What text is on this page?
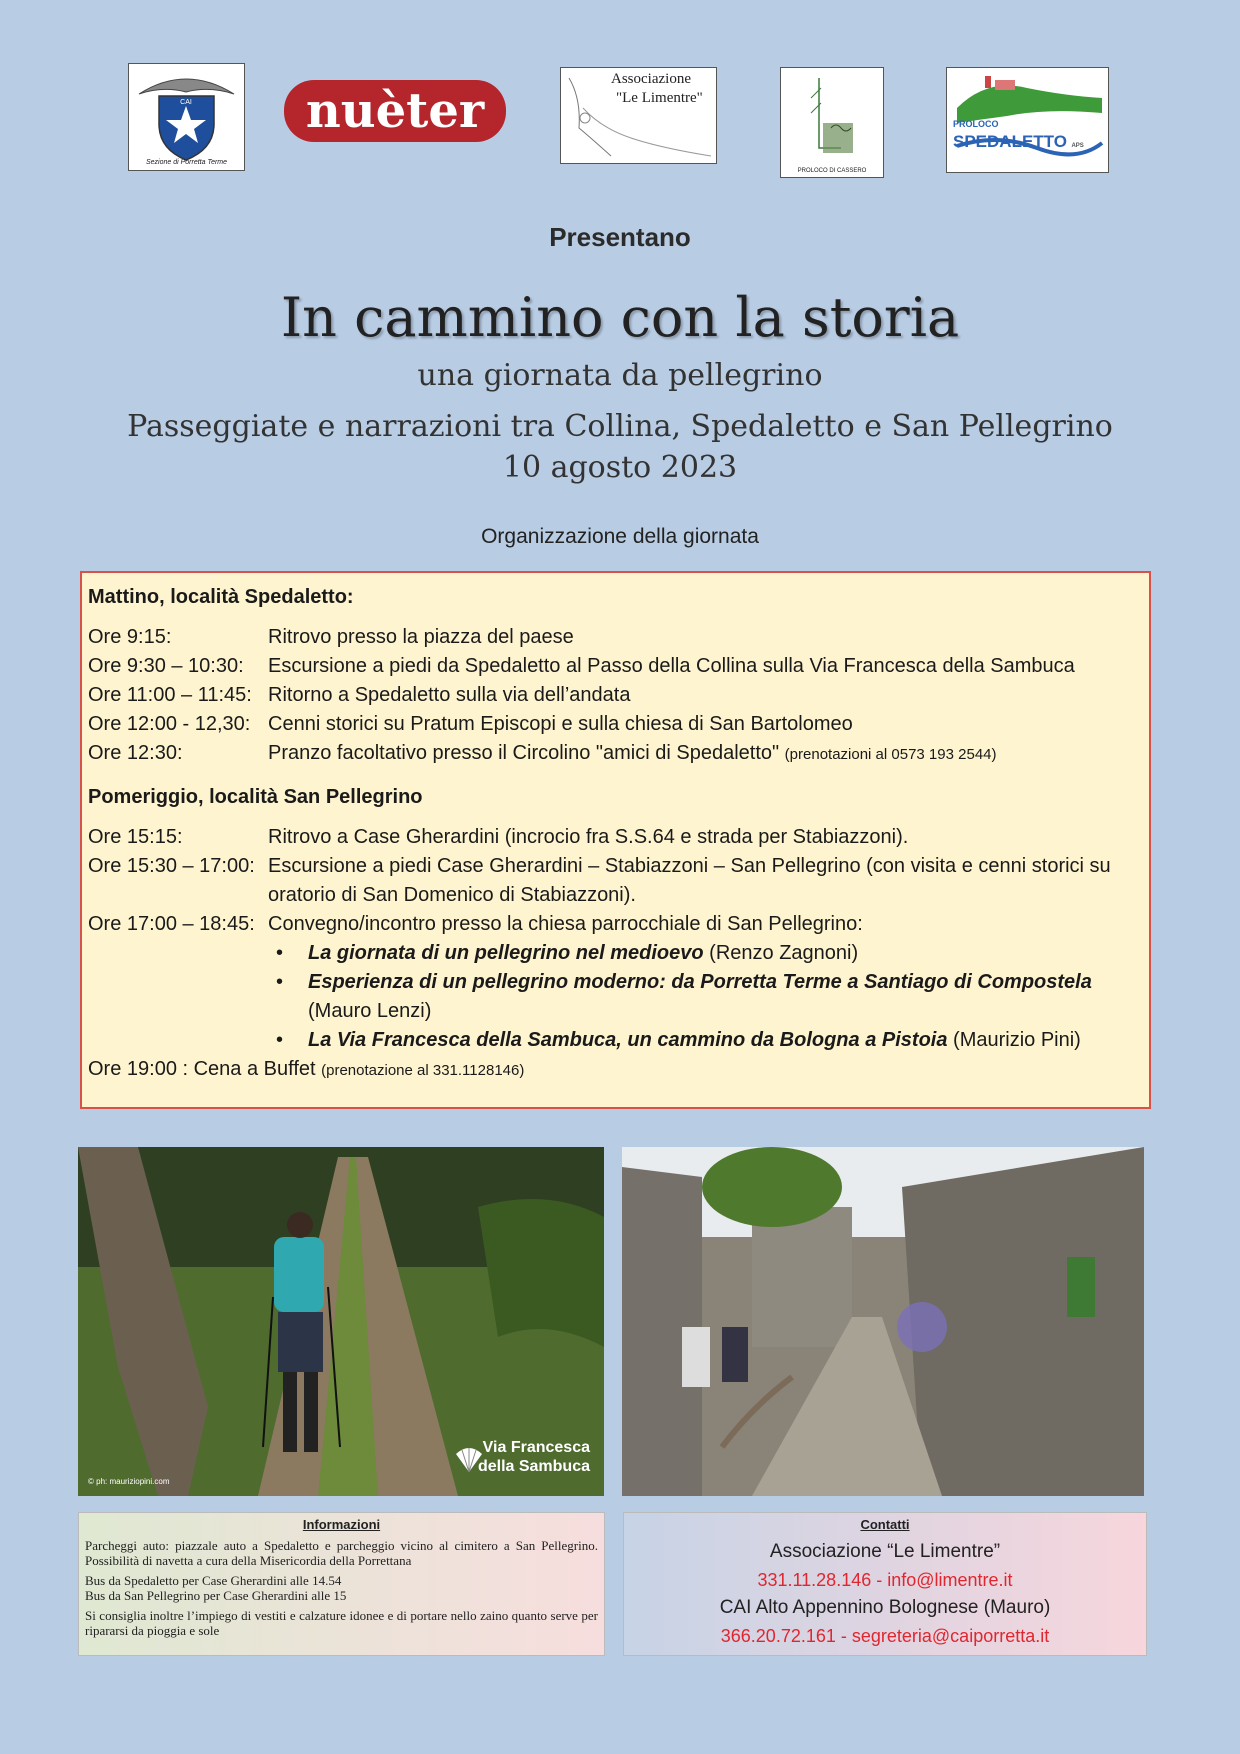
CAI
Sezione di Porretta Terme
nuèter
Associazione
"Le Limentre"
PROLOCO DI CASSERO
PROLOCO SPEDALETTO APS
Presentano
In cammino con la storia
una giornata da pellegrino
Passeggiate e narrazioni tra Collina, Spedaletto e San Pellegrino
10 agosto 2023
Organizzazione della giornata
Mattino, località Spedaletto:
Ore 9:15:	Ritrovo presso la piazza del paese
Ore 9:30 – 10:30:	Escursione a piedi da Spedaletto al Passo della Collina sulla Via Francesca della Sambuca
Ore 11:00 – 11:45: Ritorno a Spedaletto sulla via dell’andata
Ore 12:00 - 12,30: Cenni storici su Pratum Episcopi e sulla chiesa di San Bartolomeo
Ore 12:30:	Pranzo facoltativo presso il Circolino "amici di Spedaletto" (prenotazioni al 0573 193 2544)
Pomeriggio, località San Pellegrino
Ore 15:15:	Ritrovo a Case Gherardini (incrocio fra S.S.64 e strada per Stabiazzoni).
Ore 15:30 – 17:00: Escursione a piedi Case Gherardini – Stabiazzoni – San Pellegrino (con visita e cenni storici su oratorio di San Domenico di Stabiazzoni).
Ore 17:00 – 18:45: Convegno/incontro presso la chiesa parrocchiale di San Pellegrino:
• La giornata di un pellegrino nel medioevo (Renzo Zagnoni)
• Esperienza di un pellegrino moderno: da Porretta Terme a Santiago di Compostela (Mauro Lenzi)
• La Via Francesca della Sambuca, un cammino da Bologna a Pistoia (Maurizio Pini)
Ore 19:00 : Cena a Buffet (prenotazione al 331.1128146)
Via Francesca
della Sambuca
© ph: mauriziopini.com
Informazioni

Parcheggi auto: piazzale auto a Spedaletto e parcheggio vicino al cimitero a San Pellegrino. Possibilità di navetta a cura della Misericordia della Porrettana

Bus da Spedaletto per Case Gherardini alle 14.54

Bus da San Pellegrino per Case Gherardini alle 15

Si consiglia inoltre l’impiego di vestiti e calzature idonee e di portare nello zaino quanto serve per ripararsi da pioggia e sole

Contatti
Associazione “Le Limentre”
331.11.28.146 - info@limentre.it
CAI Alto Appennino Bolognese (Mauro)
366.20.72.161 - segreteria@caiporretta.it
